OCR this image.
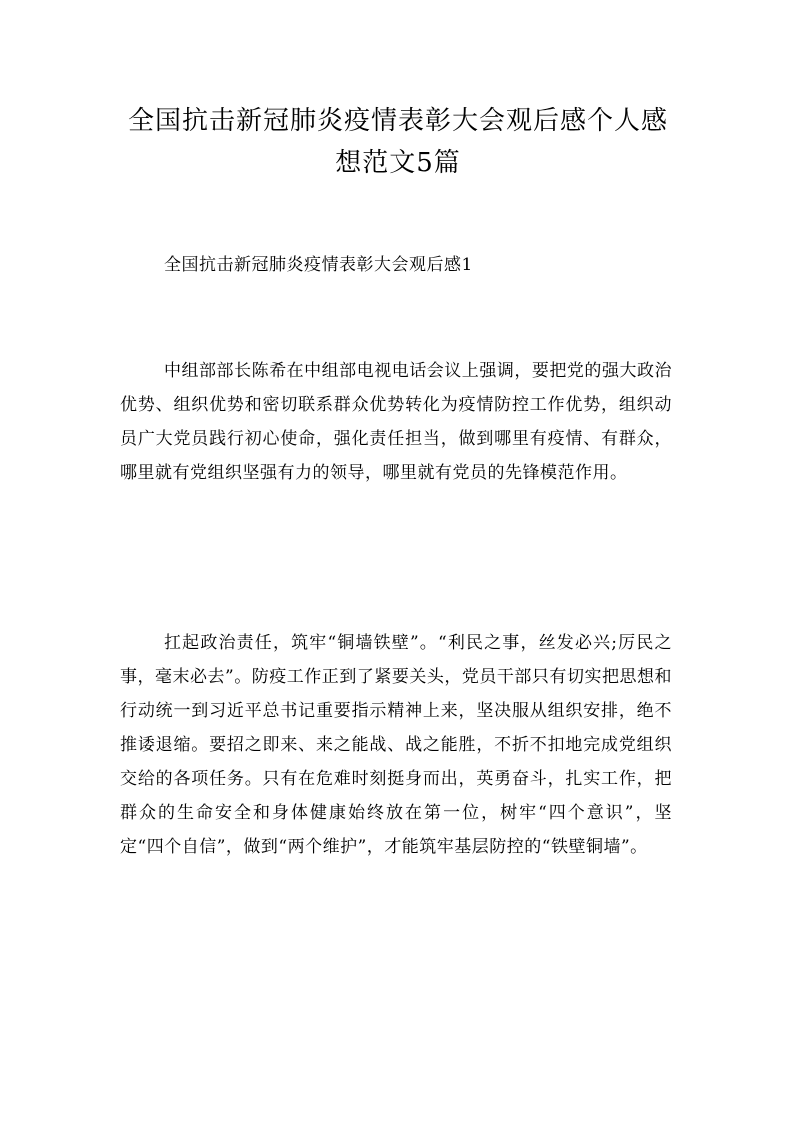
全国抗击新冠肺炎疫情表彰大会观后感个人感想范文5篇
全国抗击新冠肺炎疫情表彰大会观后感1

中组部部长陈希在中组部电视电话会议上强调，要把党的强大政治优势、组织优势和密切联系群众优势转化为疫情防控工作优势，组织动员广大党员践行初心使命，强化责任担当，做到哪里有疫情、有群众，哪里就有党组织坚强有力的领导，哪里就有党员的先锋模范作用。

扛起政治责任，筑牢“铜墙铁壁”。“利民之事，丝发必兴;厉民之事，毫末必去”。防疫工作正到了紧要关头，党员干部只有切实把思想和行动统一到习近平总书记重要指示精神上来，坚决服从组织安排，绝不推诿退缩。要招之即来、来之能战、战之能胜，不折不扣地完成党组织交给的各项任务。只有在危难时刻挺身而出，英勇奋斗，扎实工作，把群众的生命安全和身体健康始终放在第一位，树牢“四个意识”，坚定“四个自信”，做到“两个维护”，才能筑牢基层防控的“铁壁铜墙”。
